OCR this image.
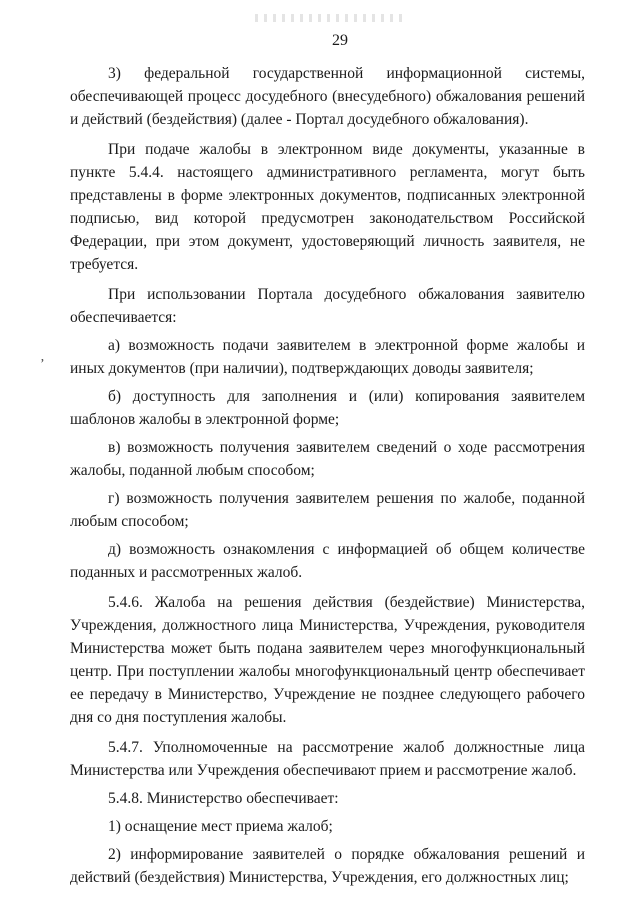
29
’

3) федеральной государственной информационной системы, обеспечивающей процесс досудебного (внесудебного) обжалования решений и действий (бездействия) (далее - Портал досудебного обжалования).

При подаче жалобы в электронном виде документы, указанные в пункте 5.4.4. настоящего административного регламента, могут быть представлены в форме электронных документов, подписанных электронной подписью, вид которой предусмотрен законодательством Российской Федерации, при этом документ, удостоверяющий личность заявителя, не требуется.

При использовании Портала досудебного обжалования заявителю обеспечивается:

а) возможность подачи заявителем в электронной форме жалобы и иных документов (при наличии), подтверждающих доводы заявителя;

б) доступность для заполнения и (или) копирования заявителем шаблонов жалобы в электронной форме;

в) возможность получения заявителем сведений о ходе рассмотрения жалобы, поданной любым способом;

г) возможность получения заявителем решения по жалобе, поданной любым способом;

д) возможность ознакомления с информацией об общем количестве поданных и рассмотренных жалоб.

5.4.6. Жалоба на решения действия (бездействие) Министерства, Учреждения, должностного лица Министерства, Учреждения, руководителя Министерства может быть подана заявителем через многофункциональный центр. При поступлении жалобы многофункциональный центр обеспечивает ее передачу в Министерство, Учреждение не позднее следующего рабочего дня со дня поступления жалобы.

5.4.7. Уполномоченные на рассмотрение жалоб должностные лица Министерства или Учреждения обеспечивают прием и рассмотрение жалоб.

5.4.8. Министерство обеспечивает:

1) оснащение мест приема жалоб;

2) информирование заявителей о порядке обжалования решений и действий (бездействия) Министерства, Учреждения, его должностных лиц;
